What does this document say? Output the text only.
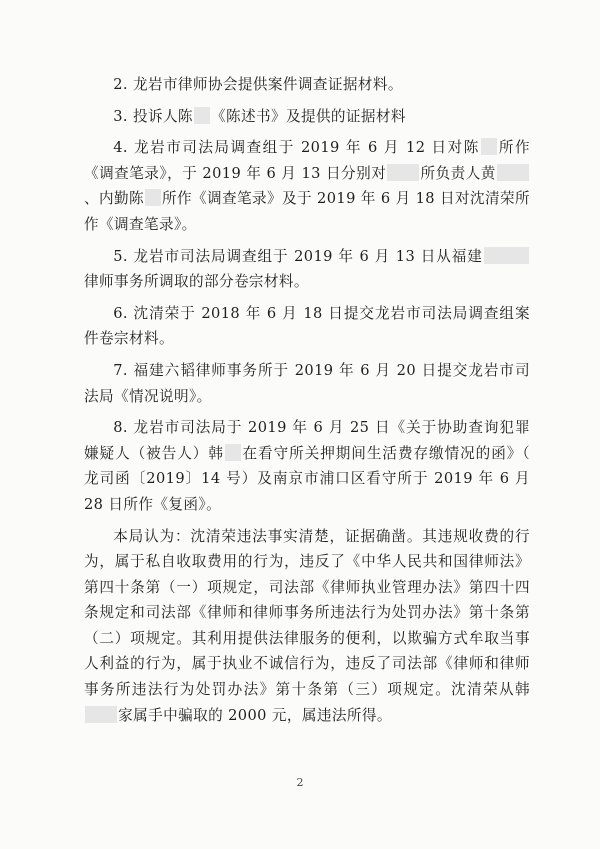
2. 龙岩市律师协会提供案件调查证据材料。

3. 投诉人陈 《陈述书》及提供的证据材料

4. 龙岩市司法局调查组于 2019 年 6 月 12 日对陈 所作《调查笔录》，于 2019 年 6 月 13 日分别对 所负责人黄、内勤陈 所作《调查笔录》及于 2019 年 6 月 18 日对沈清荣所作《调查笔录》。

5. 龙岩市司法局调查组于 2019 年 6 月 13 日从福建律师事务所调取的部分卷宗材料。

6. 沈清荣于 2018 年 6 月 18 日提交龙岩市司法局调查组案件卷宗材料。

7. 福建六韬律师事务所于 2019 年 6 月 20 日提交龙岩市司法局《情况说明》。

8. 龙岩市司法局于 2019 年 6 月 25 日《关于协助查询犯罪嫌疑人（被告人）韩 在看守所关押期间生活费存缴情况的函》（ 龙司函〔2019〕14 号）及南京市浦口区看守所于 2019 年 6 月 28 日所作《复函》。

本局认为：沈清荣违法事实清楚，证据确凿。其违规收费的行为，属于私自收取费用的行为，违反了《中华人民共和国律师法》第四十条第（一）项规定，司法部《律师执业管理办法》第四十四条规定和司法部《律师和律师事务所违法行为处罚办法》第十条第（二）项规定。其利用提供法律服务的便利，以欺骗方式牟取当事人利益的行为，属于执业不诚信行为，违反了司法部《律师和律师事务所违法行为处罚办法》第十条第（三）项规定。沈清荣从韩家属手中骗取的 2000 元，属违法所得。

2
